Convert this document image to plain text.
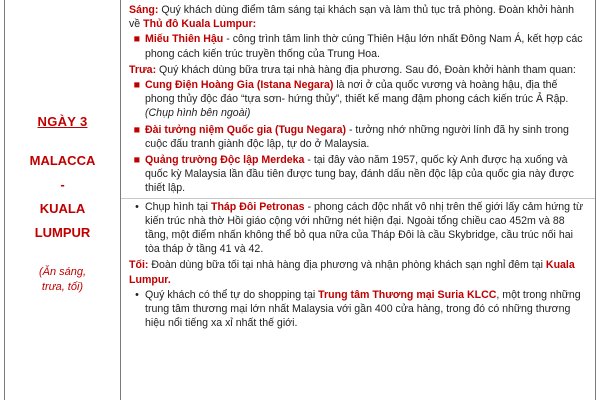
NGÀY 3
MALACCA
-
KUALA
LUMPUR
(Ăn sáng,
trưa, tối)

Sáng: Quý khách dùng điểm tâm sáng tại khách sạn và làm thủ tục trả phòng. Đoàn khởi hành về Thủ đô Kuala Lumpur:

■ Miếu Thiên Hậu - công trình tâm linh thờ cúng Thiên Hậu lớn nhất Đông Nam Á, kết hợp các phong cách kiến trúc truyền thống của Trung Hoa.

Trưa: Quý khách dùng bữa trưa tại nhà hàng địa phương. Sau đó, Đoàn khởi hành tham quan:

■ Cung Điện Hoàng Gia (Istana Negara) là nơi ở của quốc vương và hoàng hậu, địa thế phong thủy độc đáo “tựa sơn- hứng thủy”, thiết kế mang đậm phong cách kiến trúc Ả Rập. (Chụp hình bên ngoài)
■ Đài tưởng niệm Quốc gia (Tugu Negara) - tưởng nhớ những người lính đã hy sinh trong cuộc đấu tranh giành độc lập, tự do ở Malaysia.
■ Quảng trường Độc lập Merdeka - tại đây vào năm 1957, quốc kỳ Anh được hạ xuống và quốc kỳ Malaysia lần đầu tiên được tung bay, đánh dấu nền độc lập của quốc gia này được thiết lập.
• Chụp hình tại Tháp Đôi Petronas - phong cách độc nhất vô nhị trên thế giới lấy cảm hứng từ kiến trúc nhà thờ Hồi giáo cộng với những nét hiện đại. Ngoài tổng chiều cao 452m và 88 tầng, một điểm nhấn không thể bỏ qua nữa của Tháp Đôi là cầu Skybridge, cầu trúc nối hai tòa tháp ở tầng 41 và 42.

Tối: Đoàn dùng bữa tối tại nhà hàng địa phương và nhận phòng khách sạn nghỉ đêm tại Kuala Lumpur.

• Quý khách có thể tự do shopping tại Trung tâm Thương mại Suria KLCC, một trong những trung tâm thương mại lớn nhất Malaysia với gần 400 cửa hàng, trong đó có những thương hiệu nổi tiếng xa xỉ nhất thế giới.
